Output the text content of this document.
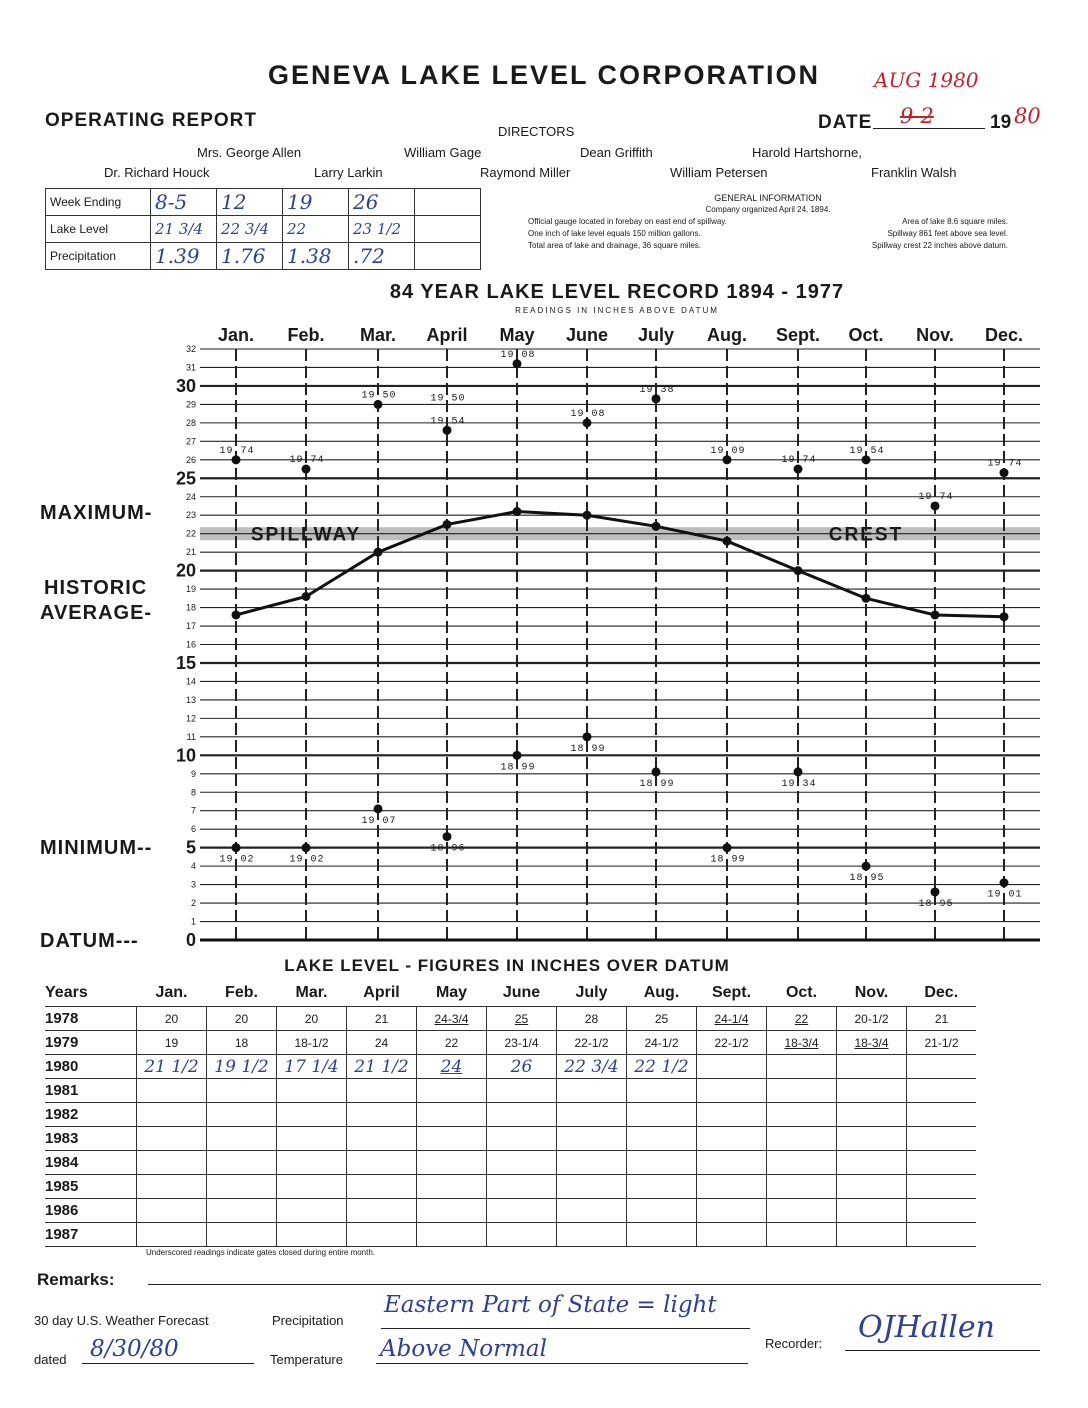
GENEVA LAKE LEVEL CORPORATION	AUG 1980
OPERATING REPORT
DIRECTORS
Mrs. George Allen	William Gage	Dean Griffith	Harold Hartshorne,
Dr. Richard Houck	Larry Larkin	Raymond Miller	William Petersen	Franklin Walsh
DATE 9-2	19 80
Week Ending	8-5	12	19	26	
Lake Level	21 3/4	22 3/4	22	23 1/2	
Precipitation	1.39	1.76	1.38	.72	
GENERAL INFORMATION
Company organized April 24, 1894.
Official gauge located in forebay on east end of spillway.	Area of lake 8.6 square miles.
One inch of lake level equals 150 million gallons.	Spillway 861 feet above sea level.
Total area of lake and drainage, 36 square miles.	Spillway crest 22 inches above datum.
84 YEAR LAKE LEVEL RECORD 1894 - 1977
READINGS IN INCHES ABOVE DATUM
0
1
2
3
4
5
6
7
8
9
10
11
12
13
14
15
16
17
18
19
20
21
22
23
24
25
26
27
28
29
30
31
32
Jan. Feb. Mar. April May June July Aug. Sept. Oct. Nov. Dec.
SPILLWAY	CREST
19 74
19 74
19 50
19 54
19 08
19 08
19 38
19 09
19 74
19 54
19 74
19 74
19 02	19 02
19 07
18 96
18 99
18 99
18 99
18 99
19 34
18 95
18 95
19 01
19 50
MAXIMUM-
HISTORIC
AVERAGE-
MINIMUM--
DATUM---
LAKE LEVEL - FIGURES IN INCHES OVER DATUM
Years	Jan.	Feb.	Mar.	April	May	June	July	Aug.	Sept.	Oct.	Nov.	Dec.
1978	20	20	20	21	24-3/4	25	28	25	24-1/4	22	20-1/2	21
1979	19	18	18-1/2	24	22	23-1/4	22-1/2	24-1/2	22-1/2	18-3/4	18-3/4	21-1/2
1980	21 1/2	19 1/2	17 1/4	21 1/2	24	26	22 3/4	22 1/2				
1981												
1982												
1983												
1984												
1985												
1986												
1987												
Underscored readings indicate gates closed during entire month.
Remarks:
30 day U.S. Weather Forecast	Precipitation
Eastern Part of State = light
dated 8/30/80	Temperature Above Normal	Recorder: OJHallen
